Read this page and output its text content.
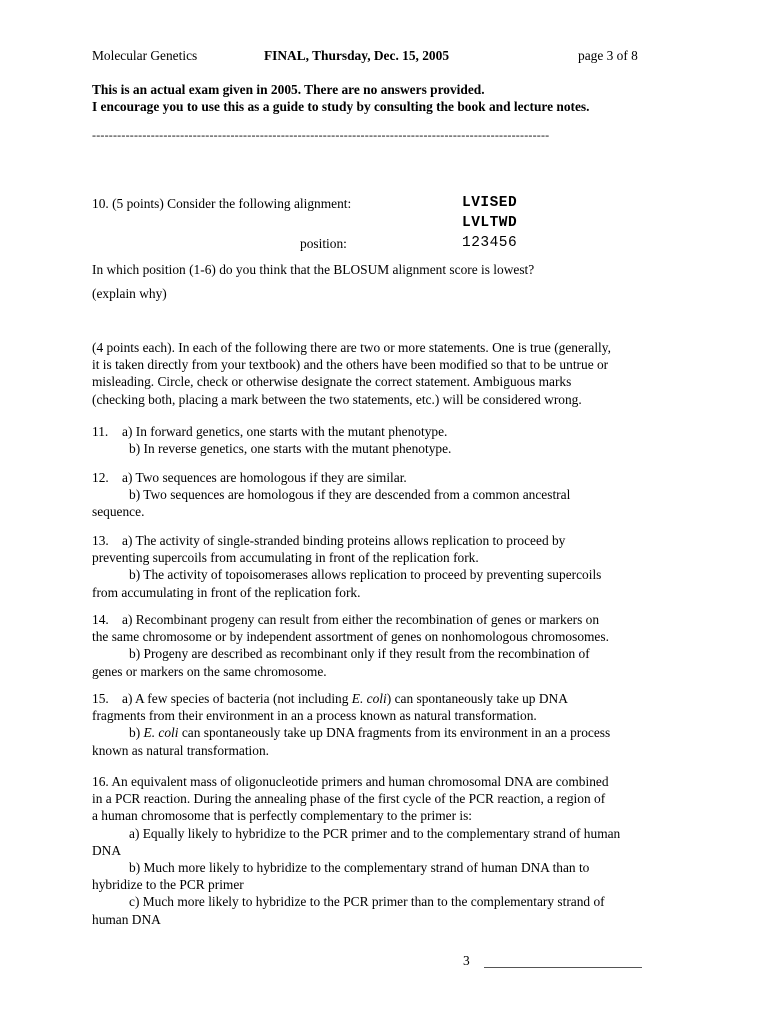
Molecular Genetics	FINAL, Thursday, Dec. 15, 2005	page 3 of 8
This is an actual exam given in 2005. There are no answers provided.
I encourage you to use this as a guide to study by consulting the book and lecture notes.
-------------------------------------------------------------------------------------------------------------
10. (5 points) Consider the following alignment:	LVISED
LVLTWD
position:	123456
In which position (1-6) do you think that the BLOSUM alignment score is lowest?
(explain why)
(4 points each). In each of the following there are two or more statements. One is true (generally,
it is taken directly from your textbook) and the others have been modified so that to be untrue or
misleading. Circle, check or otherwise designate the correct statement. Ambiguous marks
(checking both, placing a mark between the two statements, etc.) will be considered wrong.
11. a) In forward genetics, one starts with the mutant phenotype.
b) In reverse genetics, one starts with the mutant phenotype.
12. a) Two sequences are homologous if they are similar.
b) Two sequences are homologous if they are descended from a common ancestral
sequence.
13. a) The activity of single-stranded binding proteins allows replication to proceed by
preventing supercoils from accumulating in front of the replication fork.
b) The activity of topoisomerases allows replication to proceed by preventing supercoils
from accumulating in front of the replication fork.
14. a) Recombinant progeny can result from either the recombination of genes or markers on
the same chromosome or by independent assortment of genes on nonhomologous chromosomes.
b) Progeny are described as recombinant only if they result from the recombination of
genes or markers on the same chromosome.
15. a) A few species of bacteria (not including E. coli) can spontaneously take up DNA
fragments from their environment in an a process known as natural transformation.
b) E. coli can spontaneously take up DNA fragments from its environment in an a process
known as natural transformation.
16. An equivalent mass of oligonucleotide primers and human chromosomal DNA are combined
in a PCR reaction. During the annealing phase of the first cycle of the PCR reaction, a region of
a human chromosome that is perfectly complementary to the primer is:
a) Equally likely to hybridize to the PCR primer and to the complementary strand of human
DNA
b) Much more likely to hybridize to the complementary strand of human DNA than to
hybridize to the PCR primer
c) Much more likely to hybridize to the PCR primer than to the complementary strand of
human DNA
3
